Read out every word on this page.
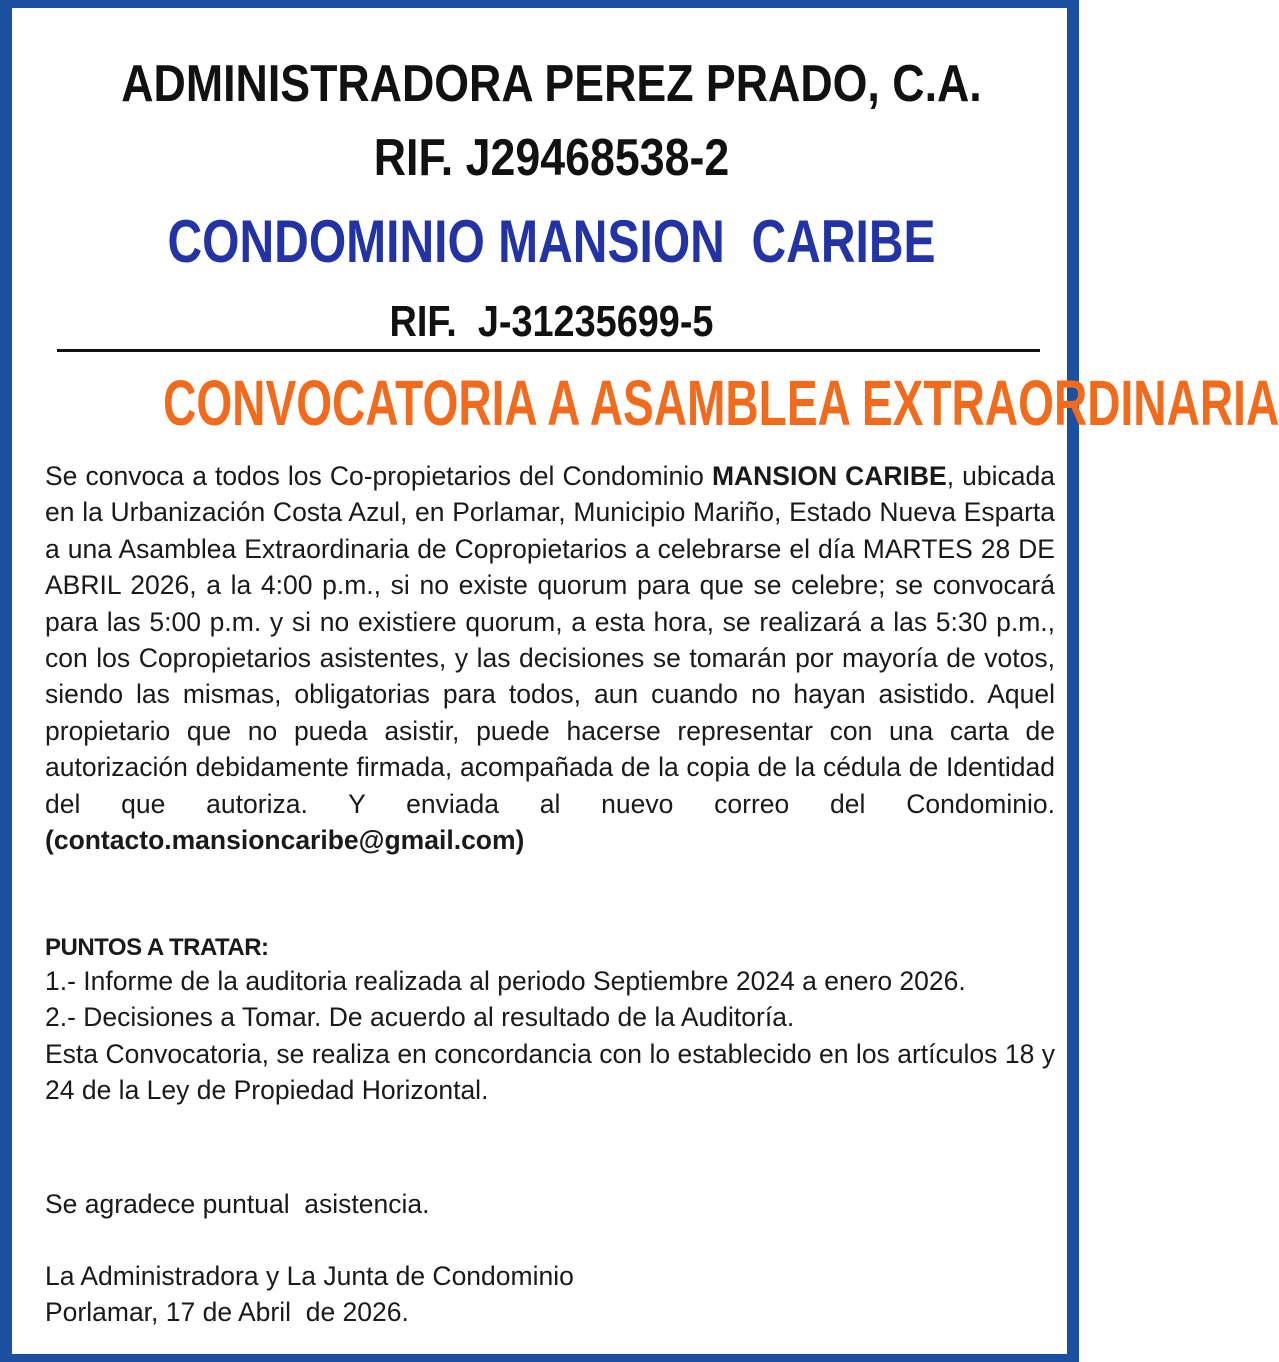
ADMINISTRADORA PEREZ PRADO, C.A.
RIF. J29468538-2
CONDOMINIO MANSION  CARIBE
RIF.  J-31235699-5
CONVOCATORIA A ASAMBLEA EXTRAORDINARIA
Se convoca a todos los Co-propietarios del Condominio MANSION CARIBE, ubicada en la Urbanización Costa Azul, en Porlamar, Municipio Mariño, Estado Nueva Esparta a una Asamblea Extraordinaria de Copropietarios a celebrarse el día MARTES 28 DE ABRIL 2026, a la 4:00 p.m., si no existe quorum para que se celebre; se convocará para las 5:00 p.m. y si no existiere quorum, a esta hora, se realizará a las 5:30 p.m., con los Copropietarios asistentes, y las decisiones se tomarán por mayoría de votos, siendo las mismas, obligatorias para todos, aun cuando no hayan asistido. Aquel propietario que no pueda asistir, puede hacerse representar con una carta de autorización debidamente firmada, acompañada de la copia de la cédula de Identidad del que autoriza. Y enviada al nuevo correo del Condominio. (contacto.mansioncaribe@gmail.com)
PUNTOS A TRATAR:
1.- Informe de la auditoria realizada al periodo Septiembre 2024 a enero 2026.
2.- Decisiones a Tomar. De acuerdo al resultado de la Auditoría.
Esta Convocatoria, se realiza en concordancia con lo establecido en los artículos 18 y 24 de la Ley de Propiedad Horizontal.
Se agradece puntual  asistencia.
La Administradora y La Junta de Condominio
Porlamar, 17 de Abril  de 2026.
